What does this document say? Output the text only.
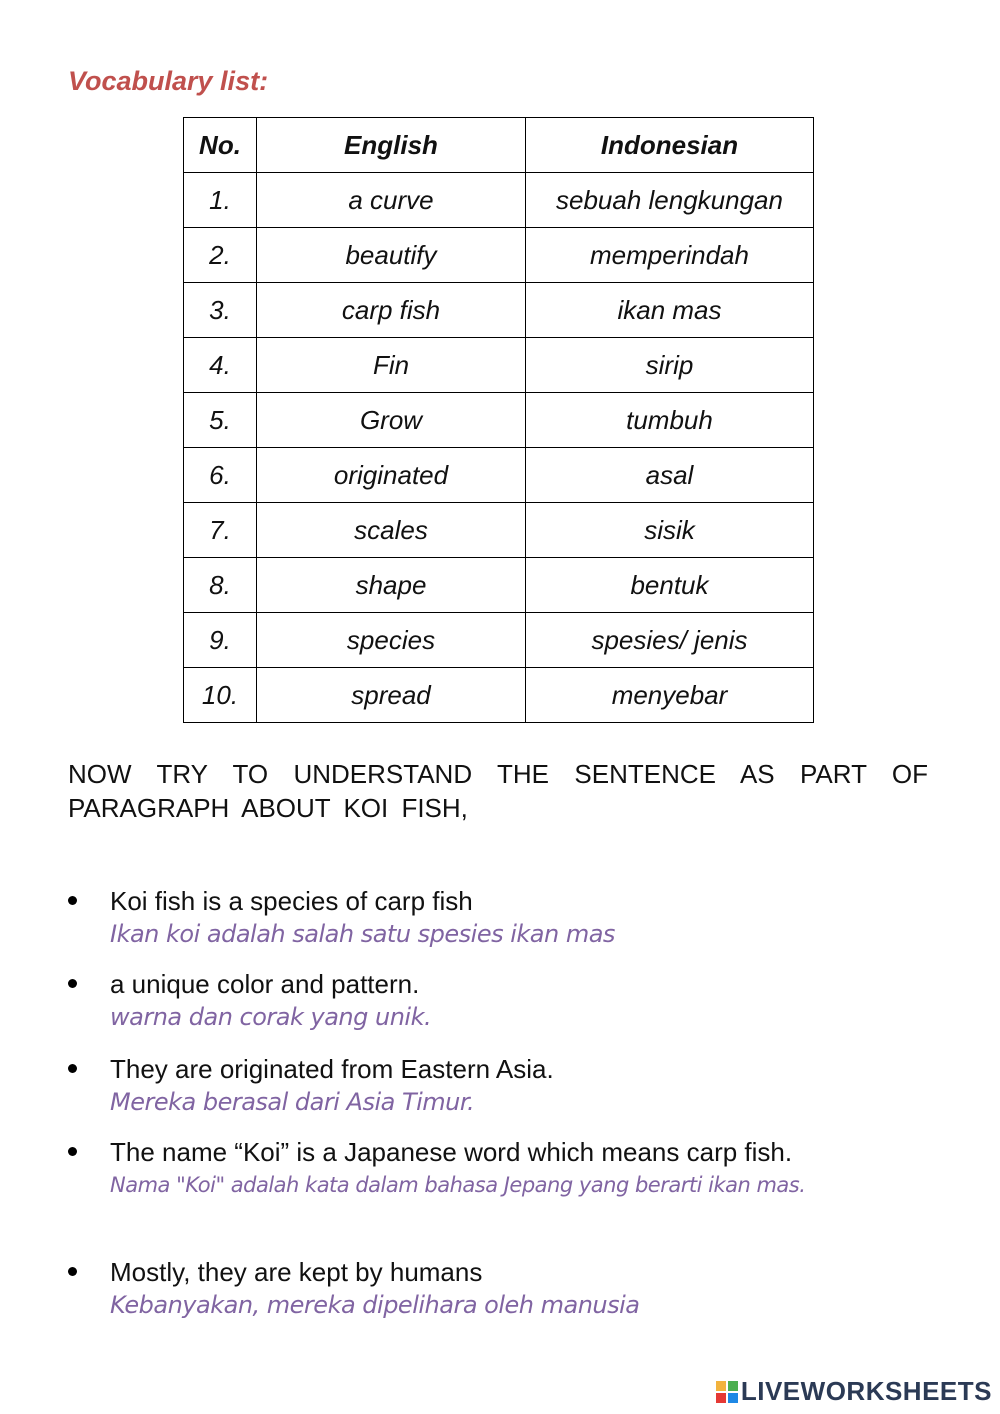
Vocabulary list:
No.	English	Indonesian
1.	a curve	sebuah lengkungan
2.	beautify	memperindah
3.	carp fish	ikan mas
4.	Fin	sirip
5.	Grow	tumbuh
6.	originated	asal
7.	scales	sisik
8.	shape	bentuk
9.	species	spesies/ jenis
10.	spread	menyebar
NOW TRY TO UNDERSTAND THE SENTENCE AS PART OF PARAGRAPH ABOUT KOI FISH,
Koi fish is a species of carp fish
Ikan koi adalah salah satu spesies ikan mas
a unique color and pattern.
warna dan corak yang unik.
They are originated from Eastern Asia.
Mereka berasal dari Asia Timur.
The name “Koi” is a Japanese word which means carp fish.
Nama "Koi" adalah kata dalam bahasa Jepang yang berarti ikan mas.
Mostly, they are kept by humans
Kebanyakan, mereka dipelihara oleh manusia
LIVEWORKSHEETS
